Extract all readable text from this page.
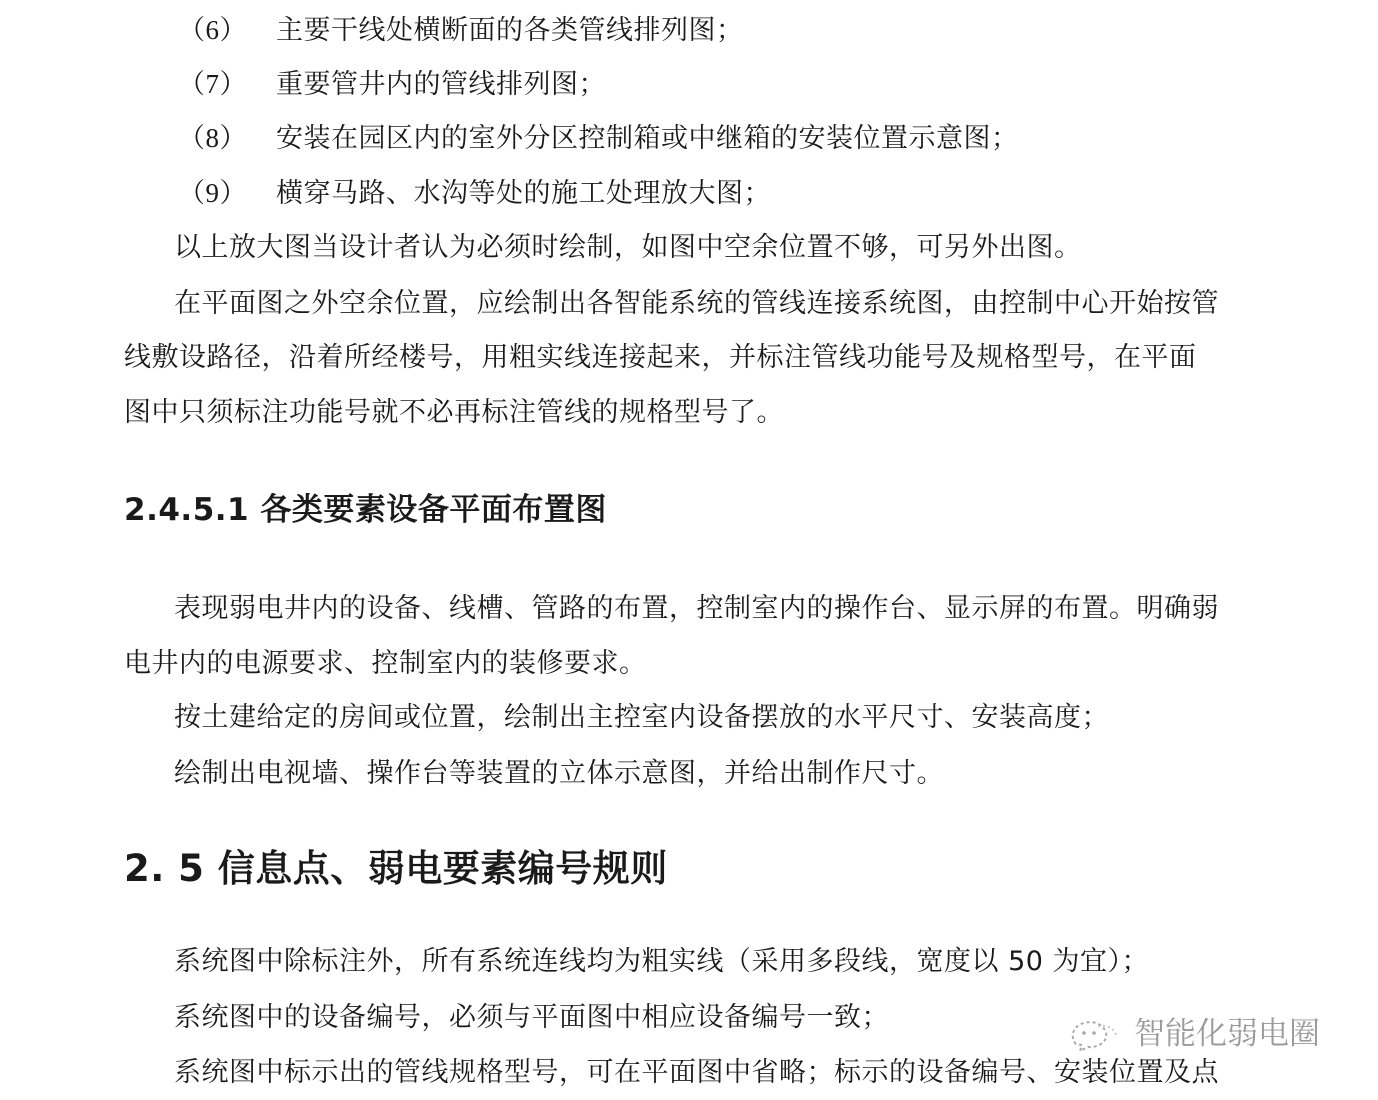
（6） 主要干线处横断面的各类管线排列图；
（7） 重要管井内的管线排列图；
（8） 安装在园区内的室外分区控制箱或中继箱的安装位置示意图；
（9） 横穿马路、水沟等处的施工处理放大图；
以上放大图当设计者认为必须时绘制，如图中空余位置不够，可另外出图。
在平面图之外空余位置，应绘制出各智能系统的管线连接系统图，由控制中心开始按管
线敷设路径，沿着所经楼号，用粗实线连接起来，并标注管线功能号及规格型号，在平面
图中只须标注功能号就不必再标注管线的规格型号了。
2.4.5.1 各类要素设备平面布置图
表现弱电井内的设备、线槽、管路的布置，控制室内的操作台、显示屏的布置。明确弱
电井内的电源要求、控制室内的装修要求。
按土建给定的房间或位置，绘制出主控室内设备摆放的水平尺寸、安装高度；
绘制出电视墙、操作台等装置的立体示意图，并给出制作尺寸。
2. 5 信息点、弱电要素编号规则
系统图中除标注外，所有系统连线均为粗实线（采用多段线，宽度以 50 为宜）；
系统图中的设备编号，必须与平面图中相应设备编号一致；
系统图中标示出的管线规格型号，可在平面图中省略；标示的设备编号、安装位置及点
智能化弱电圈
